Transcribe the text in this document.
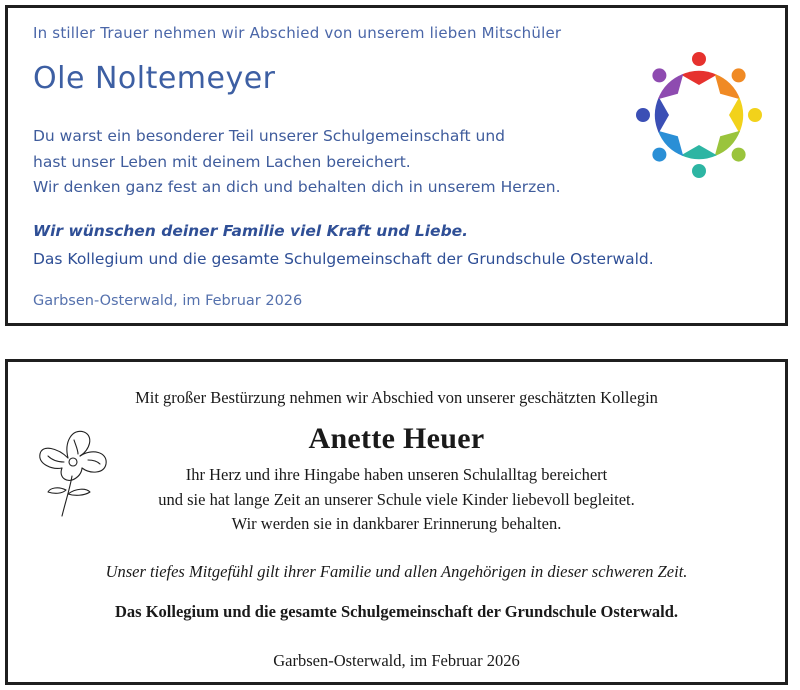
In stiller Trauer nehmen wir Abschied von unserem lieben Mitschüler
Ole Noltemeyer
Du warst ein besonderer Teil unserer Schulgemeinschaft und
hast unser Leben mit deinem Lachen bereichert.
Wir denken ganz fest an dich und behalten dich in unserem Herzen.
Wir wünschen deiner Familie viel Kraft und Liebe.
Das Kollegium und die gesamte Schulgemeinschaft der Grundschule Osterwald.
Garbsen-Osterwald, im Februar 2026
Mit großer Bestürzung nehmen wir Abschied von unserer geschätzten Kollegin
Anette Heuer
Ihr Herz und ihre Hingabe haben unseren Schulalltag bereichert
und sie hat lange Zeit an unserer Schule viele Kinder liebevoll begleitet.
Wir werden sie in dankbarer Erinnerung behalten.
Unser tiefes Mitgefühl gilt ihrer Familie und allen Angehörigen in dieser schweren Zeit.
Das Kollegium und die gesamte Schulgemeinschaft der Grundschule Osterwald.
Garbsen-Osterwald, im Februar 2026
